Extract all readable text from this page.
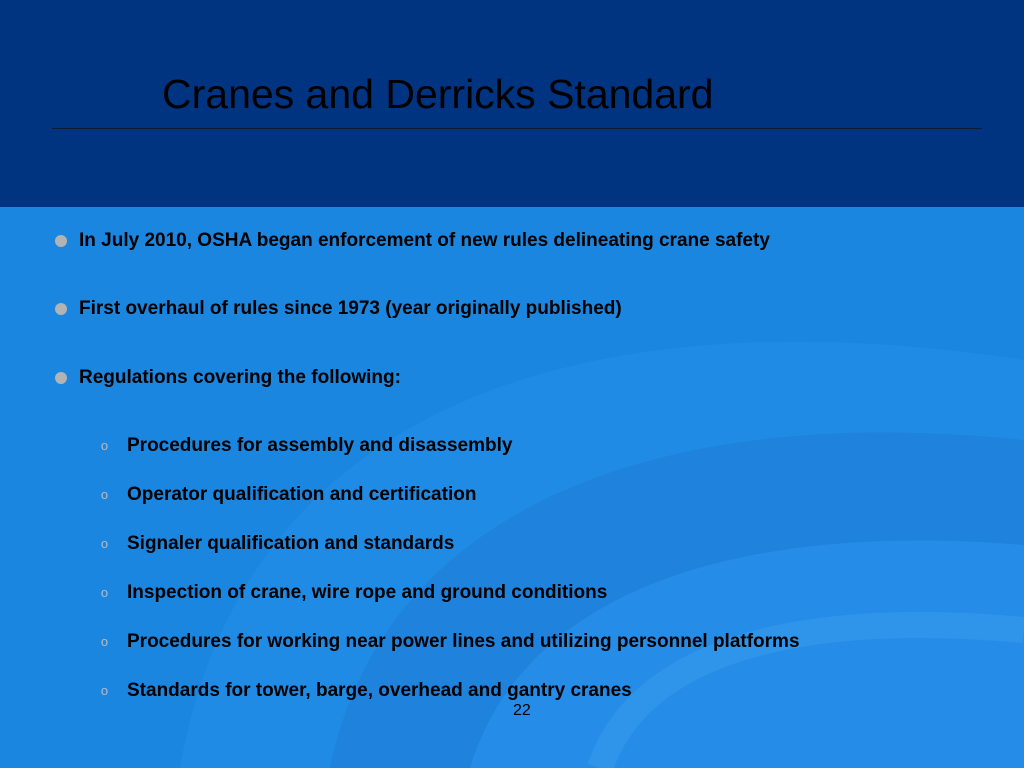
Cranes and Derricks Standard
In July 2010, OSHA began enforcement of new rules delineating crane safety
First overhaul of rules since 1973 (year originally published)
Regulations covering the following:
o Procedures for assembly and disassembly
o Operator qualification and certification
o Signaler qualification and standards
o Inspection of crane, wire rope and ground conditions
o Procedures for working near power lines and utilizing personnel platforms
o Standards for tower, barge, overhead and gantry cranes
22
